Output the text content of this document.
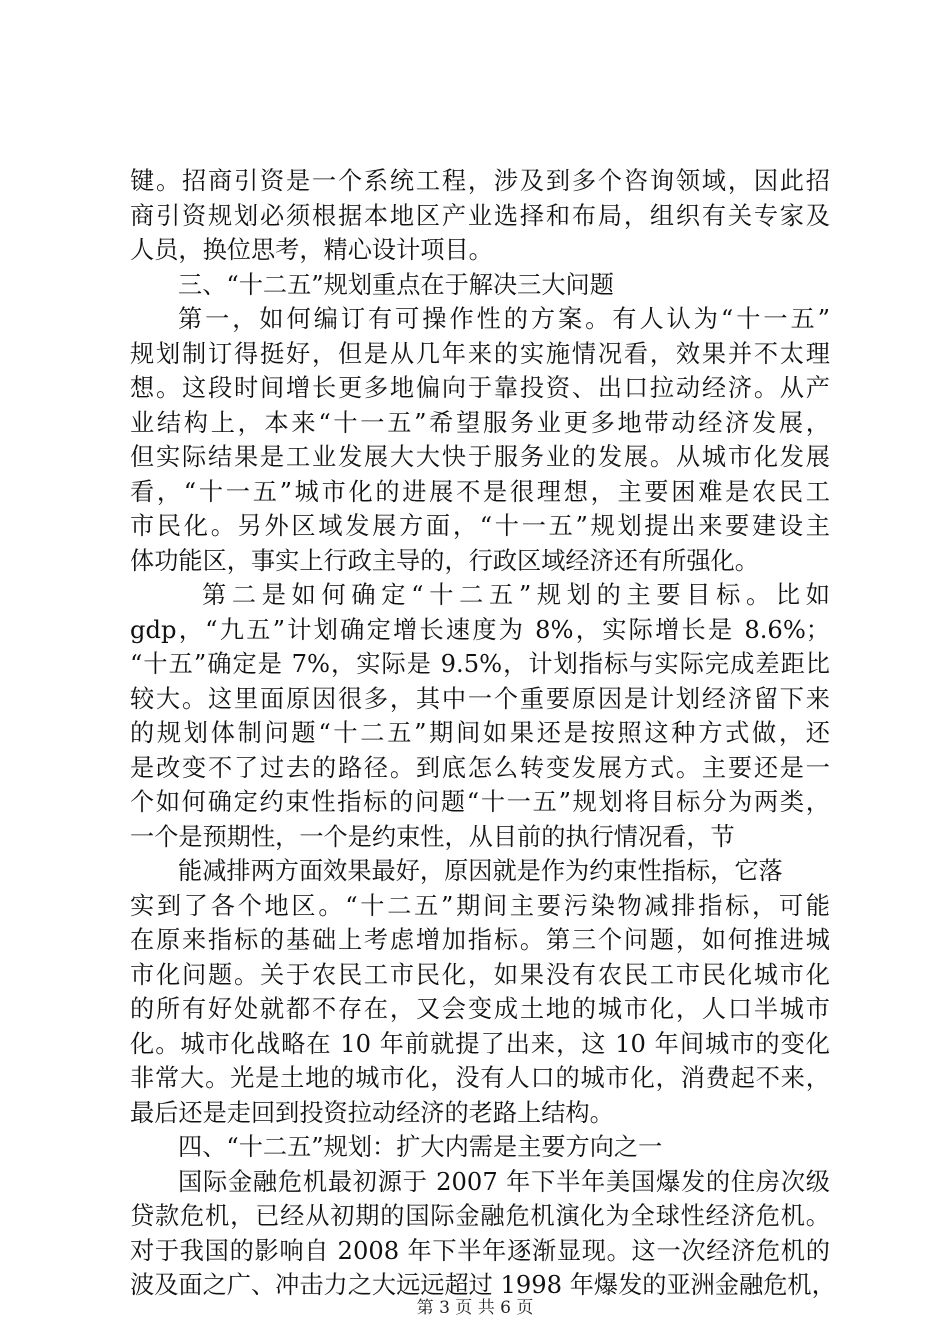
键。招商引资是一个系统工程，涉及到多个咨询领域，因此招
商引资规划必须根据本地区产业选择和布局，组织有关专家及
人员，换位思考，精心设计项目。
三、“十二五”规划重点在于解决三大问题
第一，如何编订有可操作性的方案。有人认为“十一五”
规划制订得挺好，但是从几年来的实施情况看，效果并不太理
想。这段时间增长更多地偏向于靠投资、出口拉动经济。从产
业结构上，本来“十一五”希望服务业更多地带动经济发展，
但实际结果是工业发展大大快于服务业的发展。从城市化发展
看，“十一五”城市化的进展不是很理想，主要困难是农民工
市民化。另外区域发展方面，“十一五”规划提出来要建设主
体功能区，事实上行政主导的，行政区域经济还有所强化。
第二是如何确定“十二五”规划的主要目标。比如
gdp，“九五”计划确定增长速度为 8%，实际增长是 8.6%；
“十五”确定是 7%，实际是 9.5%，计划指标与实际完成差距比
较大。这里面原因很多，其中一个重要原因是计划经济留下来
的规划体制问题“十二五”期间如果还是按照这种方式做，还
是改变不了过去的路径。到底怎么转变发展方式。主要还是一
个如何确定约束性指标的问题“十一五”规划将目标分为两类，
一个是预期性，一个是约束性，从目前的执行情况看，节
能减排两方面效果最好，原因就是作为约束性指标，它落
实到了各个地区。“十二五”期间主要污染物减排指标，可能
在原来指标的基础上考虑增加指标。第三个问题，如何推进城
市化问题。关于农民工市民化，如果没有农民工市民化城市化
的所有好处就都不存在，又会变成土地的城市化，人口半城市
化。城市化战略在 10 年前就提了出来，这 10 年间城市的变化
非常大。光是土地的城市化，没有人口的城市化，消费起不来，
最后还是走回到投资拉动经济的老路上结构。
四、“十二五”规划：扩大内需是主要方向之一
国际金融危机最初源于 2007 年下半年美国爆发的住房次级
贷款危机，已经从初期的国际金融危机演化为全球性经济危机。
对于我国的影响自 2008 年下半年逐渐显现。这一次经济危机的
波及面之广、冲击力之大远远超过 1998 年爆发的亚洲金融危机，
第 3 页 共 6 页
